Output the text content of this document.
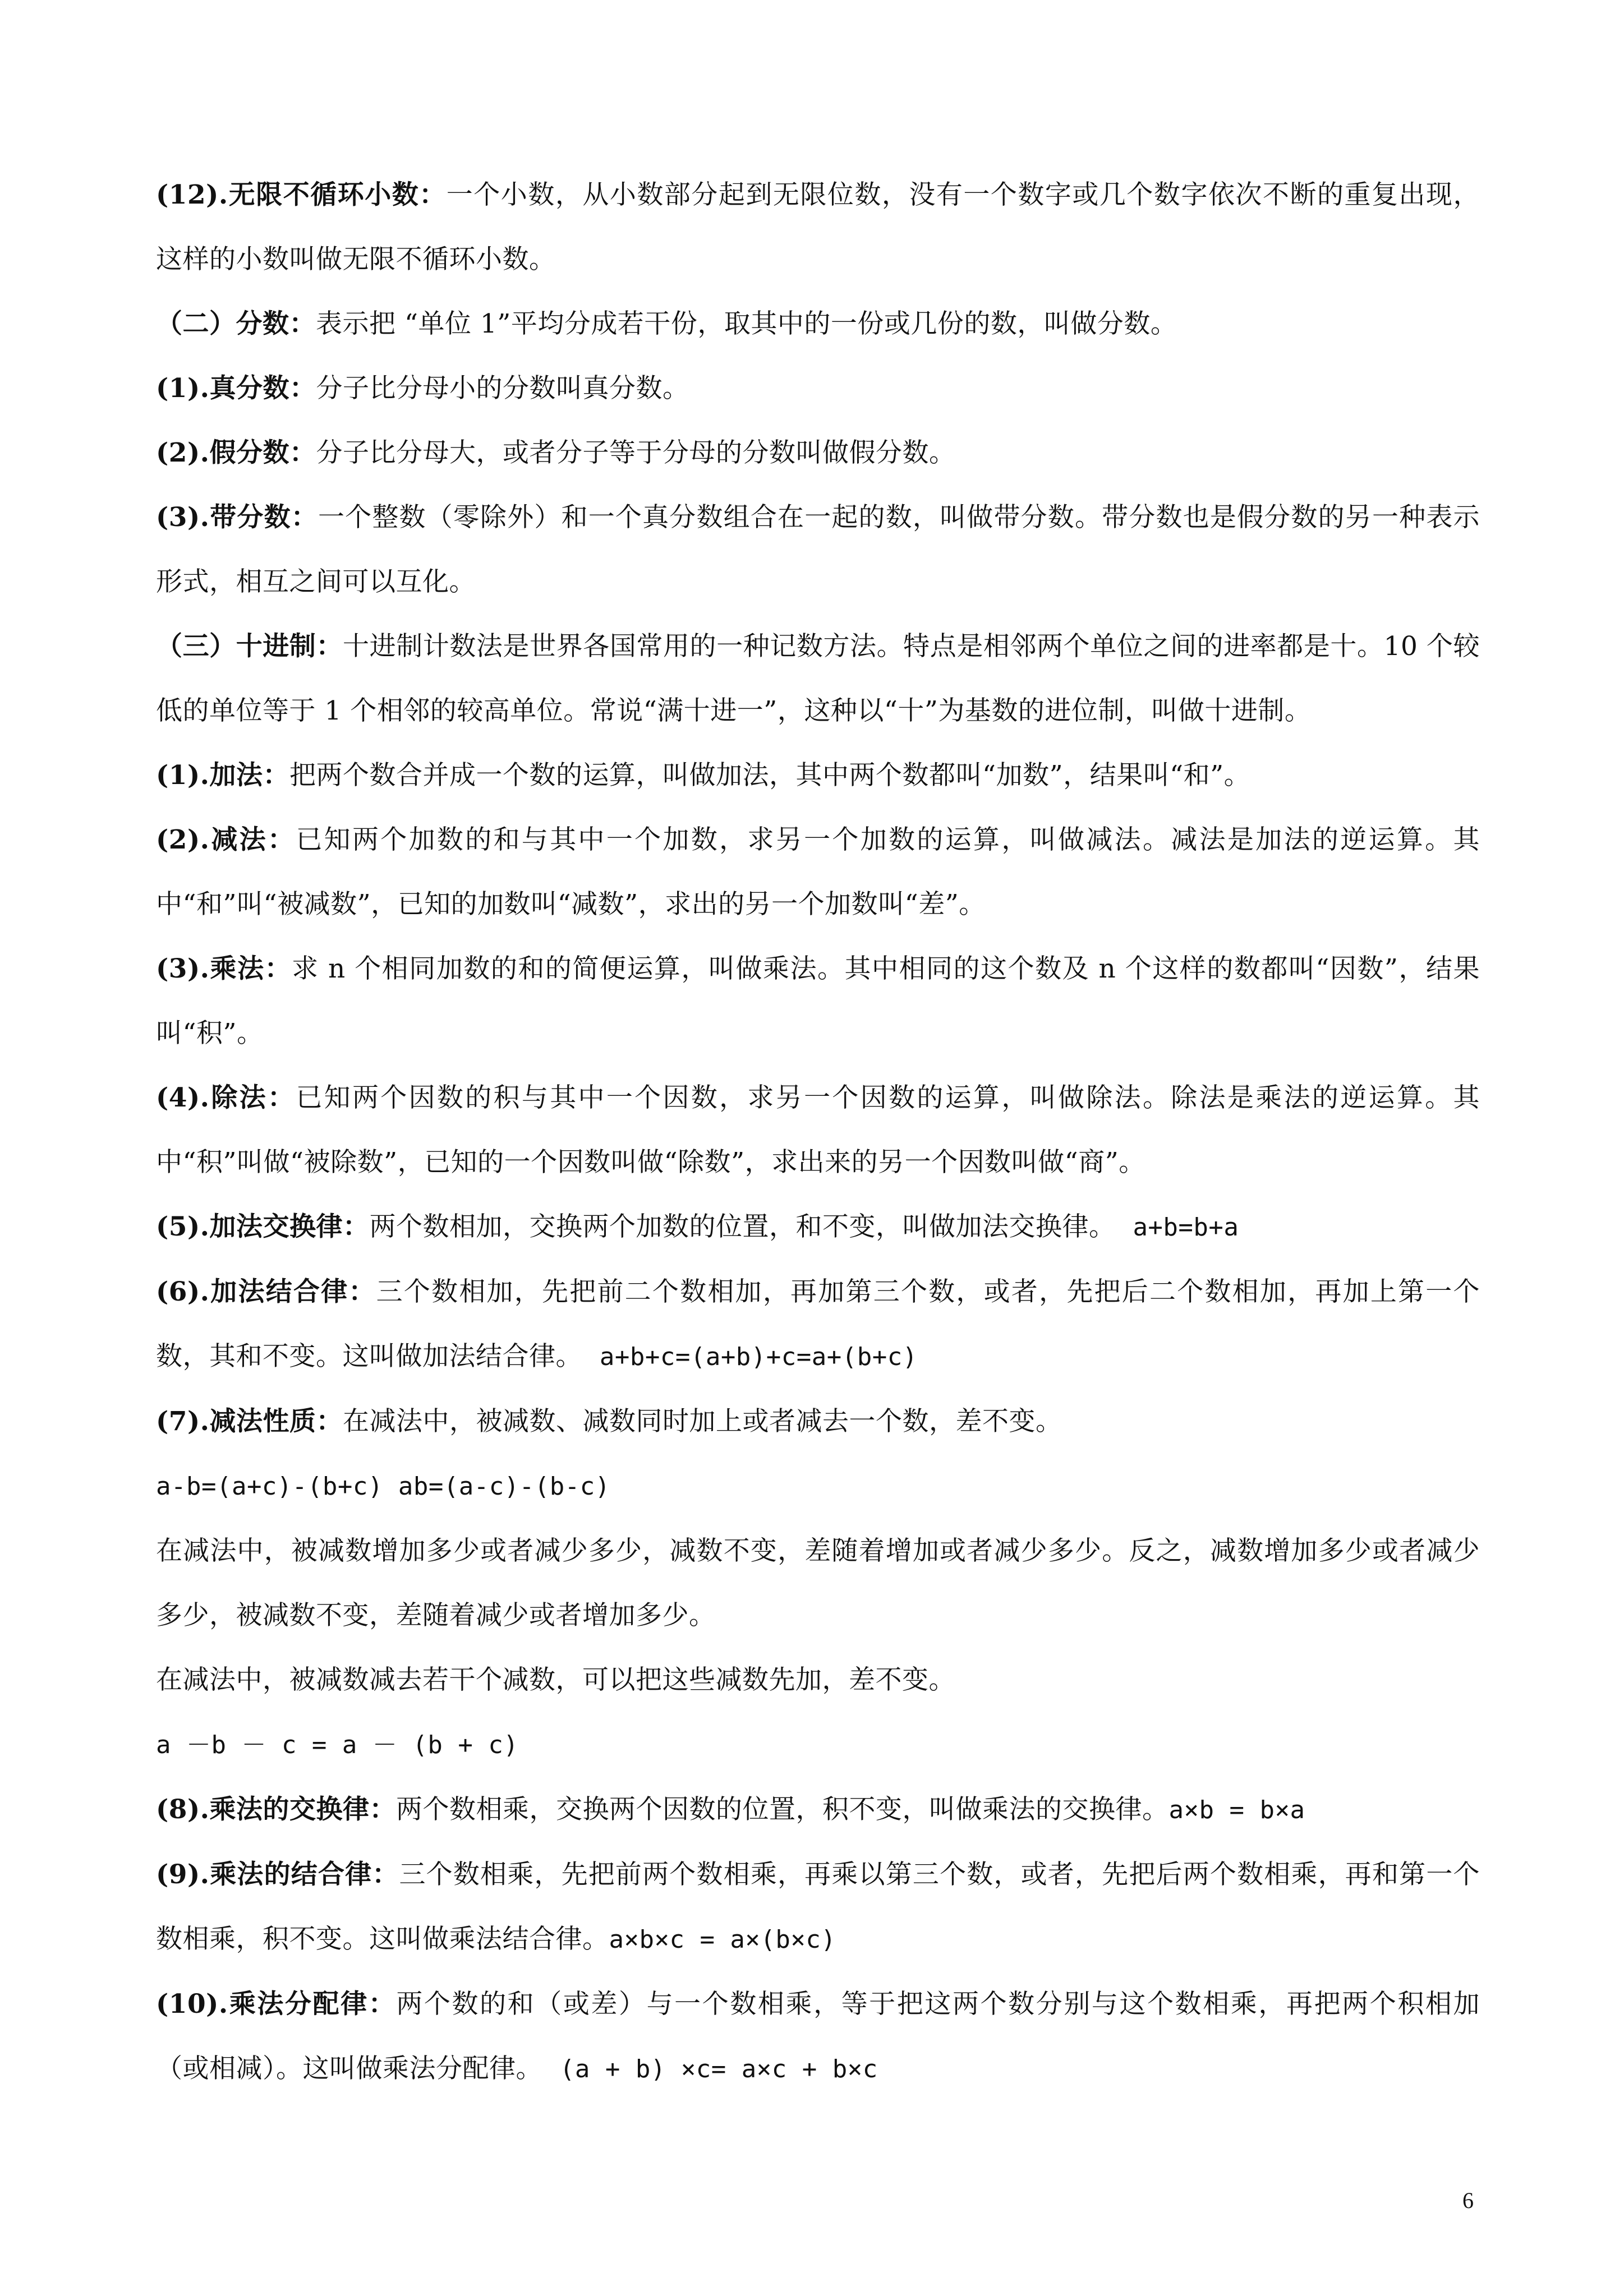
(12).无限不循环小数：一个小数，从小数部分起到无限位数，没有一个数字或几个数字依次不断的重复出现，这样的小数叫做无限不循环小数。

（二）分数：表示把 “单位 1”平均分成若干份，取其中的一份或几份的数，叫做分数。

(1).真分数：分子比分母小的分数叫真分数。

(2).假分数：分子比分母大，或者分子等于分母的分数叫做假分数。

(3).带分数：一个整数（零除外）和一个真分数组合在一起的数，叫做带分数。带分数也是假分数的另一种表示形式，相互之间可以互化。

（三）十进制：十进制计数法是世界各国常用的一种记数方法。特点是相邻两个单位之间的进率都是十。10 个较低的单位等于 1 个相邻的较高单位。常说“满十进一”，这种以“十”为基数的进位制，叫做十进制。

(1).加法：把两个数合并成一个数的运算，叫做加法，其中两个数都叫“加数”，结果叫“和”。

(2).减法：已知两个加数的和与其中一个加数，求另一个加数的运算，叫做减法。减法是加法的逆运算。其中“和”叫“被减数”，已知的加数叫“减数”，求出的另一个加数叫“差”。

(3).乘法：求 n 个相同加数的和的简便运算，叫做乘法。其中相同的这个数及 n 个这样的数都叫“因数”，结果叫“积”。

(4).除法：已知两个因数的积与其中一个因数，求另一个因数的运算，叫做除法。除法是乘法的逆运算。其中“积”叫做“被除数”，已知的一个因数叫做“除数”，求出来的另一个因数叫做“商”。

(5).加法交换律：两个数相加，交换两个加数的位置，和不变，叫做加法交换律。 a+b=b+a

(6).加法结合律：三个数相加，先把前二个数相加，再加第三个数，或者，先把后二个数相加，再加上第一个数，其和不变。这叫做加法结合律。 a+b+c=(a+b)+c=a+(b+c)

(7).减法性质：在减法中，被减数、减数同时加上或者减去一个数，差不变。

a-b=(a+c)-(b+c) ab=(a-c)-(b-c)

在减法中，被减数增加多少或者减少多少，减数不变，差随着增加或者减少多少。反之，减数增加多少或者减少多少，被减数不变，差随着减少或者增加多少。

在减法中，被减数减去若干个减数，可以把这些减数先加，差不变。

a －b － c = a － (b + c)

(8).乘法的交换律：两个数相乘，交换两个因数的位置，积不变，叫做乘法的交换律。a×b = b×a

(9).乘法的结合律：三个数相乘，先把前两个数相乘，再乘以第三个数，或者，先把后两个数相乘，再和第一个数相乘，积不变。这叫做乘法结合律。a×b×c = a×(b×c)

(10).乘法分配律：两个数的和（或差）与一个数相乘，等于把这两个数分别与这个数相乘，再把两个积相加（或相减）。这叫做乘法分配律。 (a + b) ×c= a×c + b×c

6
